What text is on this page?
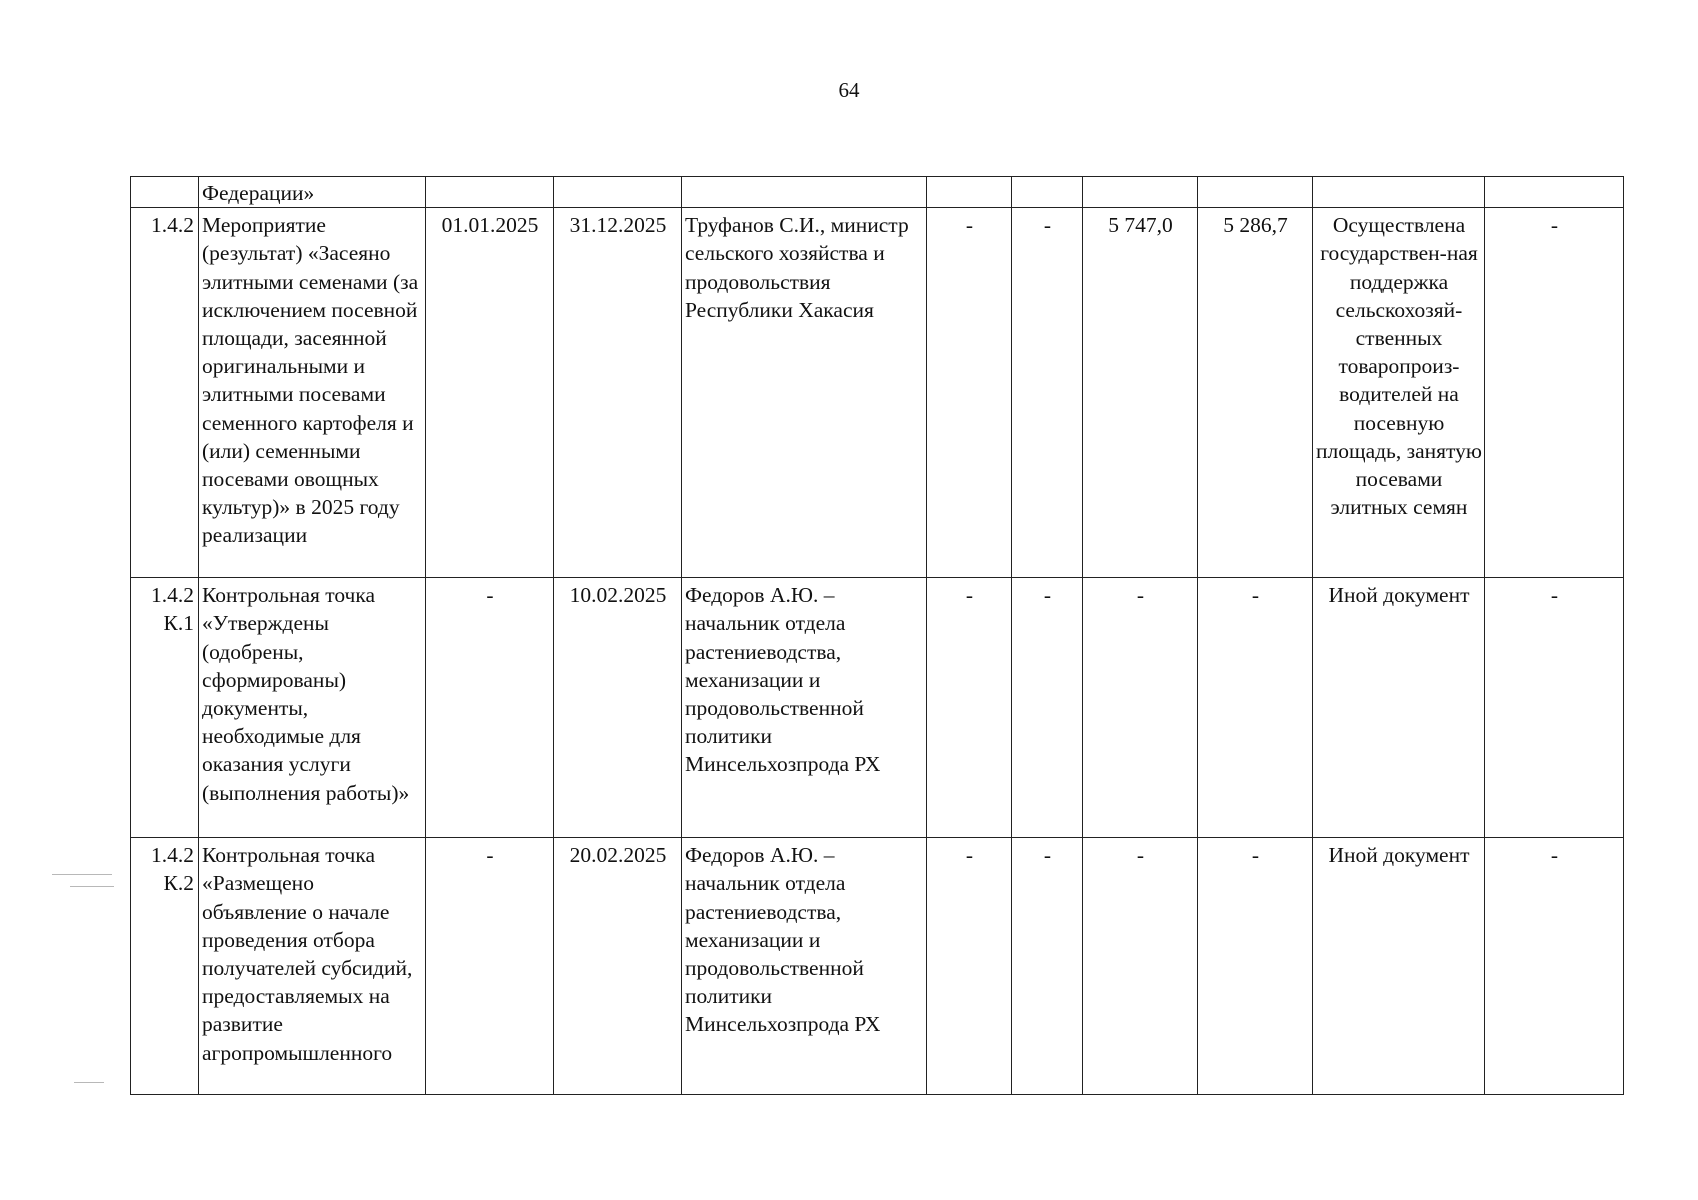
64
	Федерации»									
1.4.2	Мероприятие (результат) «Засеяно элитными семенами (за исключением посевной площади, засеянной оригинальными и элитными посевами семенного картофеля и (или) семенными посевами овощных культур)» в 2025 году реализации	01.01.2025	31.12.2025	Труфанов С.И., министр сельского хозяйства и продовольствия Республики Хакасия	-	-	5 747,0	5 286,7	Осуществлена государствен-ная поддержка сельскохозяй-ственных товаропроиз-водителей на посевную площадь, занятую посевами элитных семян	-
1.4.2 К.1	Контрольная точка «Утверждены (одобрены, сформированы) документы, необходимые для оказания услуги (выполнения работы)»	-	10.02.2025	Федоров А.Ю. – начальник отдела растениеводства, механизации и продовольственной политики Минсельхозпрода РХ	-	-	-	-	Иной документ	-
1.4.2 К.2	Контрольная точка «Размещено объявление о начале проведения отбора получателей субсидий, предоставляемых на развитие агропромышленного	-	20.02.2025	Федоров А.Ю. – начальник отдела растениеводства, механизации и продовольственной политики Минсельхозпрода РХ	-	-	-	-	Иной документ	-
